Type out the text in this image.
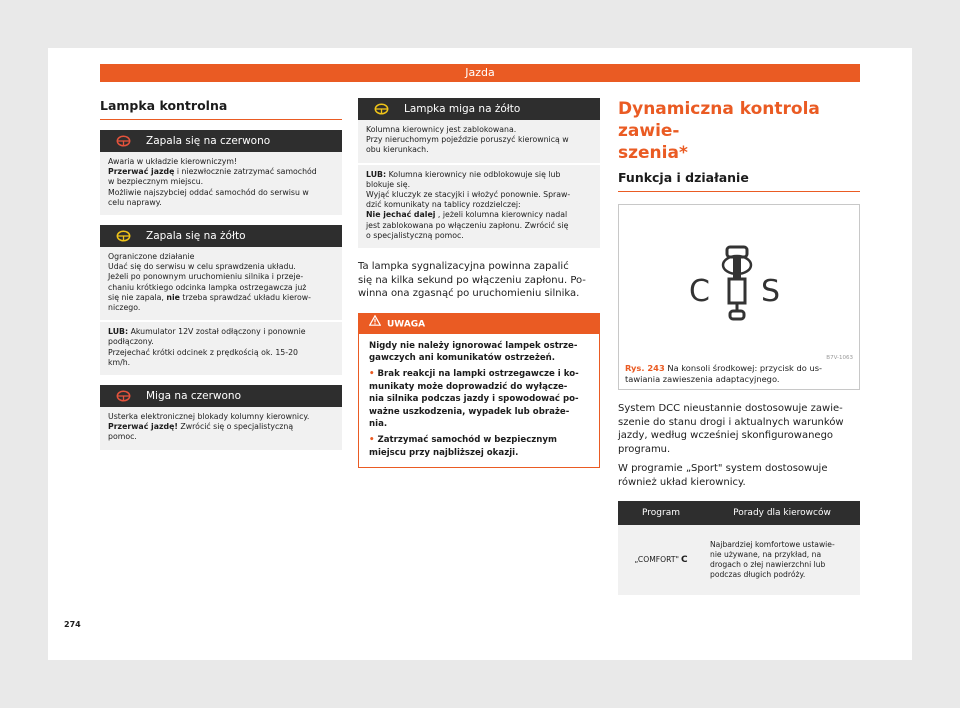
Jazda
Lampka kontrolna
Zapala się na czerwono
Awaria w układzie kierowniczym!
Przerwać jazdę i niezwłocznie zatrzymać samochód
w bezpiecznym miejscu.
Możliwie najszybciej oddać samochód do serwisu w
celu naprawy.
Zapala się na żółto
Ograniczone działanie
Udać się do serwisu w celu sprawdzenia układu.
Jeżeli po ponownym uruchomieniu silnika i przeje-
chaniu krótkiego odcinka lampka ostrzegawcza już
się nie zapala, nie trzeba sprawdzać układu kierow-
niczego.
LUB: Akumulator 12V został odłączony i ponownie
podłączony.
Przejechać krótki odcinek z prędkością ok. 15-20
km/h.
Miga na czerwono
Usterka elektronicznej blokady kolumny kierownicy.
Przerwać jazdę! Zwrócić się o specjalistyczną
pomoc.
Lampka miga na żółto
Kolumna kierownicy jest zablokowana.
Przy nieruchomym pojeździe poruszyć kierownicą w
obu kierunkach.
LUB: Kolumna kierownicy nie odblokowuje się lub
blokuje się.
Wyjąć kluczyk ze stacyjki i włożyć ponownie. Spraw-
dzić komunikaty na tablicy rozdzielczej:
Nie jechać dalej , jeżeli kolumna kierownicy nadal
jest zablokowana po włączeniu zapłonu. Zwrócić się
o specjalistyczną pomoc.
Ta lampka sygnalizacyjna powinna zapalić
się na kilka sekund po włączeniu zapłonu. Po-
winna ona zgasnąć po uruchomieniu silnika.
UWAGA
Nigdy nie należy ignorować lampek ostrze-
gawczych ani komunikatów ostrzeżeń.
• Brak reakcji na lampki ostrzegawcze i ko-
munikaty może doprowadzić do wyłącze-
nia silnika podczas jazdy i spowodować po-
ważne uszkodzenia, wypadek lub obraże-
nia.
• Zatrzymać samochód w bezpiecznym
miejscu przy najbliższej okazji.
Dynamiczna kontrola zawie-
szenia*
Funkcja i działanie
C S
B7V-1063
Rys. 243 Na konsoli środkowej: przycisk do us-
tawiania zawieszenia adaptacyjnego.
System DCC nieustannie dostosowuje zawie-
szenie do stanu drogi i aktualnych warunków
jazdy, według wcześniej skonfigurowanego
programu.
W programie „Sport" system dostosowuje
również układ kierownicy.
Program	Porady dla kierowców
„COMFORT" C	Najbardziej komfortowe ustawie-
nie używane, na przykład, na
drogach o złej nawierzchni lub
podczas długich podróży.
274
